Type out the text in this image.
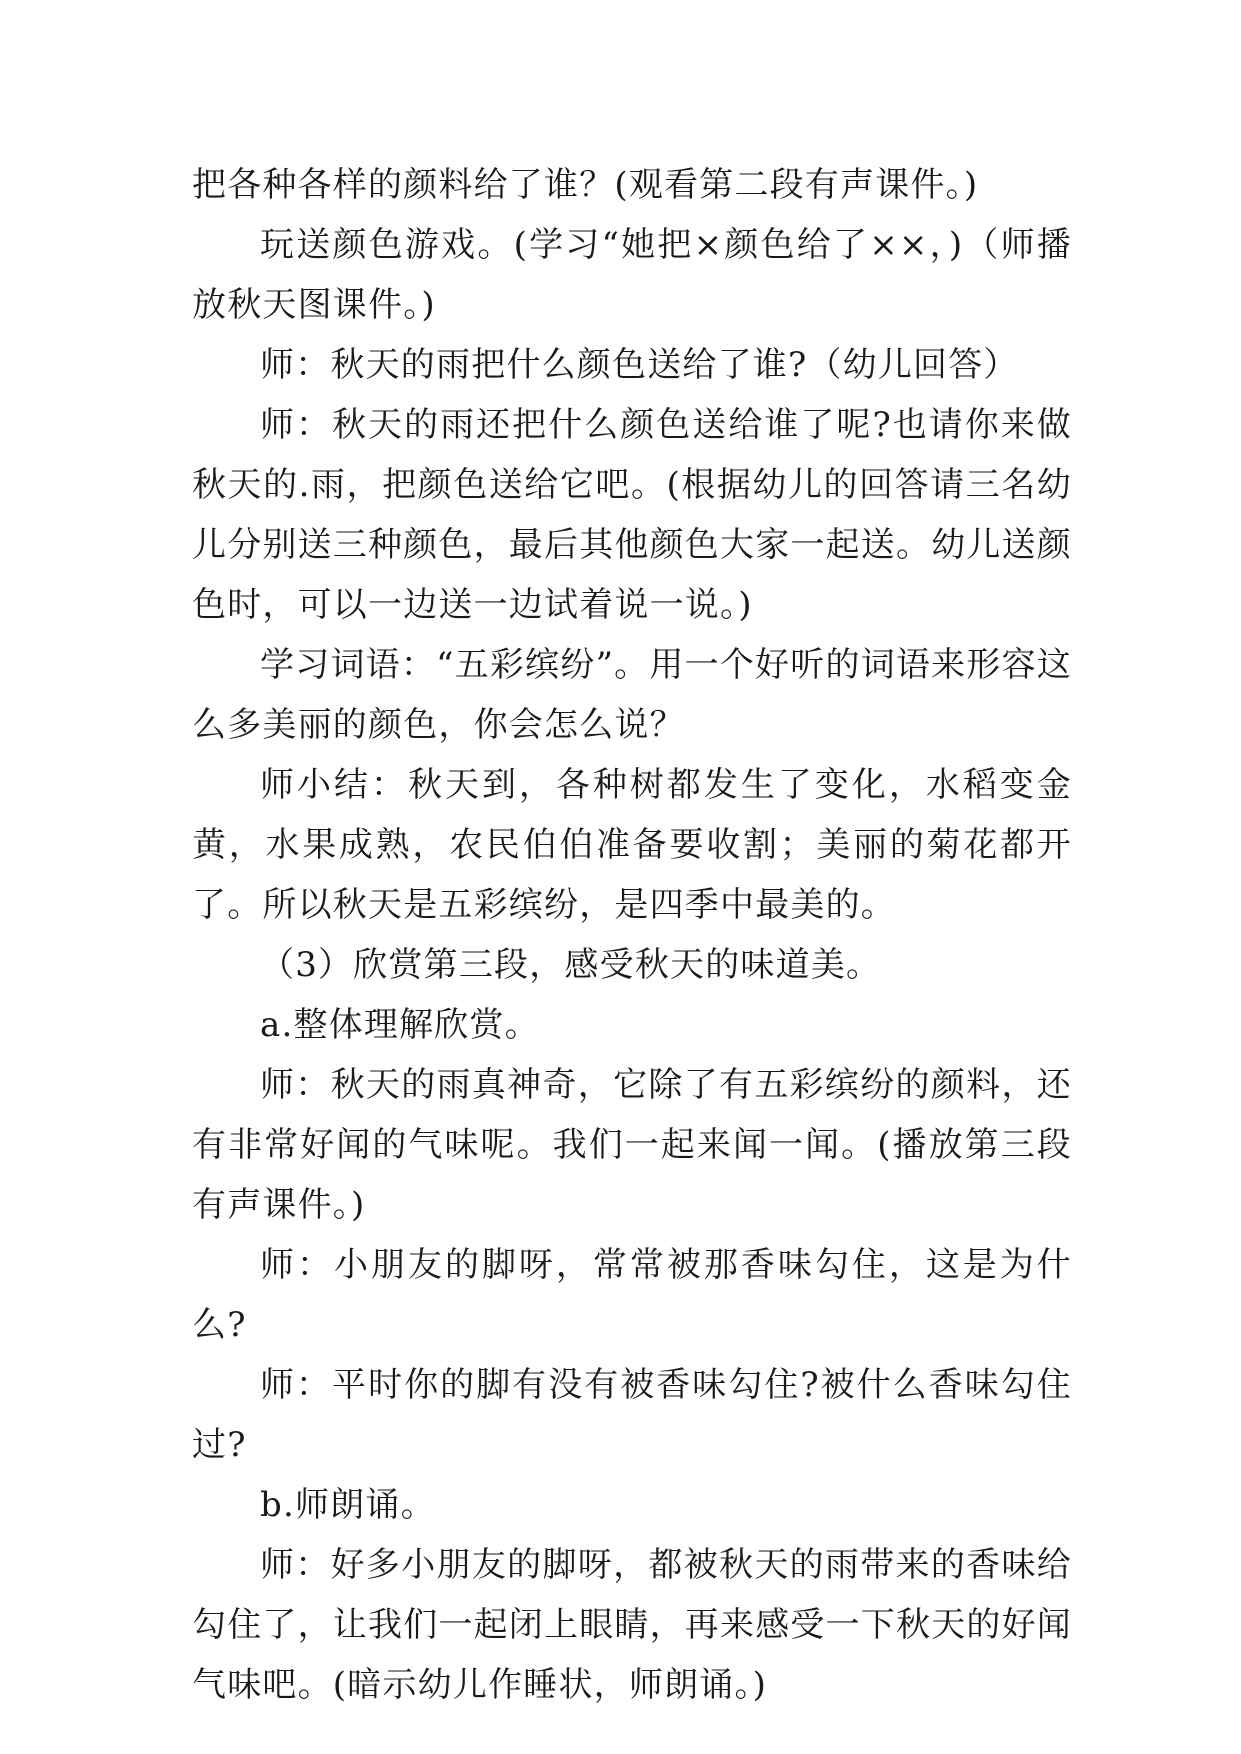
把各种各样的颜料给了谁？(观看第二段有声课件。)

玩送颜色游戏。(学习“她把×颜色给了××，)（师播放秋天图课件。)

师：秋天的雨把什么颜色送给了谁?（幼儿回答）

师：秋天的雨还把什么颜色送给谁了呢?也请你来做秋天的.雨，把颜色送给它吧。(根据幼儿的回答请三名幼儿分别送三种颜色，最后其他颜色大家一起送。幼儿送颜色时，可以一边送一边试着说一说。)

学习词语：“五彩缤纷”。用一个好听的词语来形容这么多美丽的颜色，你会怎么说？

师小结：秋天到，各种树都发生了变化，水稻变金黄，水果成熟，农民伯伯准备要收割；美丽的菊花都开了。所以秋天是五彩缤纷，是四季中最美的。

（3）欣赏第三段，感受秋天的味道美。

a.整体理解欣赏。

师：秋天的雨真神奇，它除了有五彩缤纷的颜料，还有非常好闻的气味呢。我们一起来闻一闻。(播放第三段有声课件。)

师：小朋友的脚呀，常常被那香味勾住，这是为什么?

师：平时你的脚有没有被香味勾住?被什么香味勾住过?

b.师朗诵。

师：好多小朋友的脚呀，都被秋天的雨带来的香味给勾住了，让我们一起闭上眼睛，再来感受一下秋天的好闻气味吧。(暗示幼儿作睡状，师朗诵。)
